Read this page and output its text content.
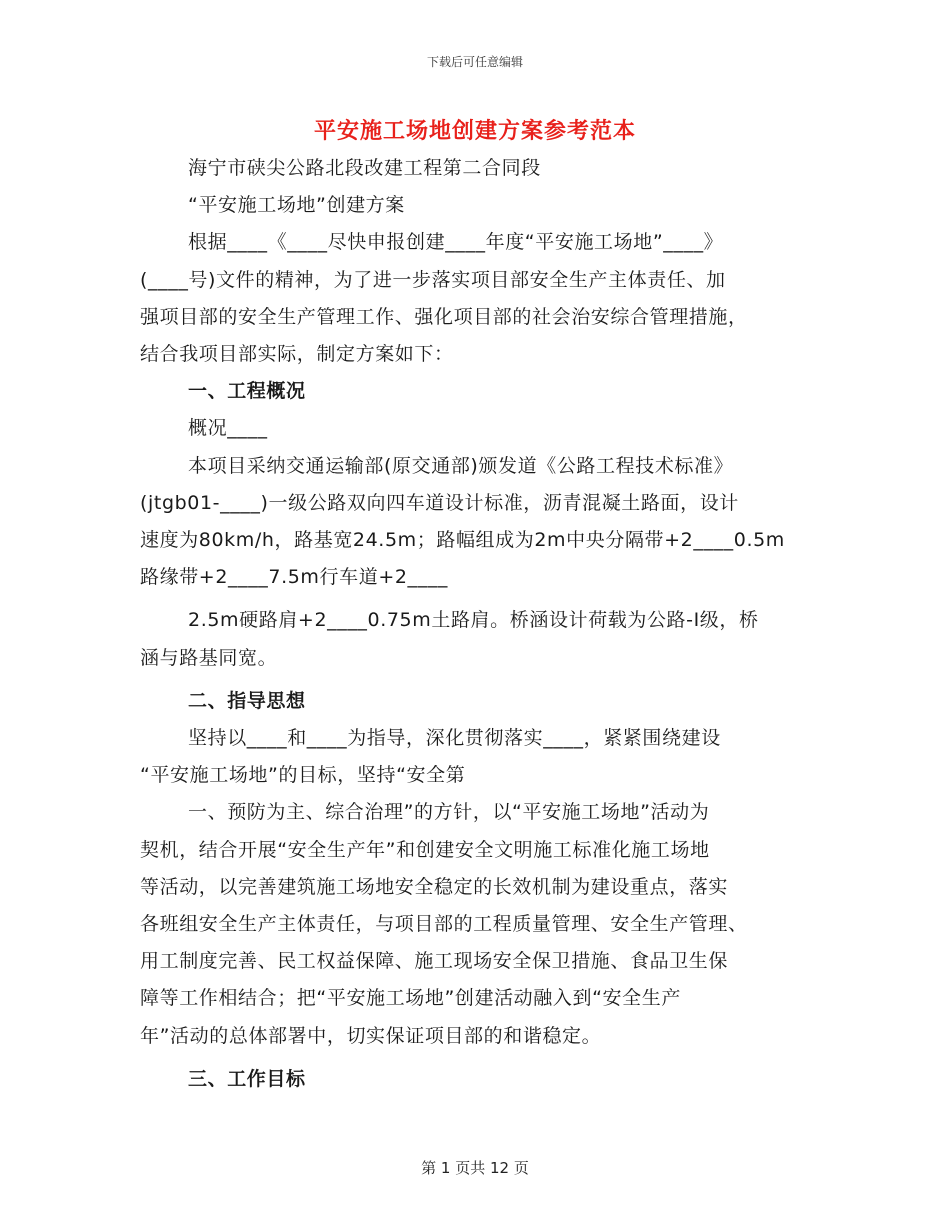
下载后可任意编辑
平安施工场地创建方案参考范本

海宁市硖尖公路北段改建工程第二合同段

“平安施工场地”创建方案

根据____《____尽快申报创建____年度“平安施工场地”____》

(____号)文件的精神，为了进一步落实项目部安全生产主体责任、加

强项目部的安全生产管理工作、强化项目部的社会治安综合管理措施，

结合我项目部实际，制定方案如下：

一、工程概况

概况____

本项目采纳交通运输部(原交通部)颁发道《公路工程技术标准》

(jtgb01-____)一级公路双向四车道设计标准，沥青混凝土路面，设计

速度为80km/h，路基宽24.5m；路幅组成为2m中央分隔带+2____0.5m

路缘带+2____7.5m行车道+2____

2.5m硬路肩+2____0.75m土路肩。桥涵设计荷载为公路-Ⅰ级，桥

涵与路基同宽。

二、指导思想

坚持以____和____为指导，深化贯彻落实____，紧紧围绕建设

“平安施工场地”的目标，坚持“安全第

一、预防为主、综合治理”的方针，以“平安施工场地”活动为

契机，结合开展“安全生产年”和创建安全文明施工标准化施工场地

等活动，以完善建筑施工场地安全稳定的长效机制为建设重点，落实

各班组安全生产主体责任，与项目部的工程质量管理、安全生产管理、

用工制度完善、民工权益保障、施工现场安全保卫措施、食品卫生保

障等工作相结合；把“平安施工场地”创建活动融入到“安全生产

年”活动的总体部署中，切实保证项目部的和谐稳定。

三、工作目标

第 1 页共 12 页
